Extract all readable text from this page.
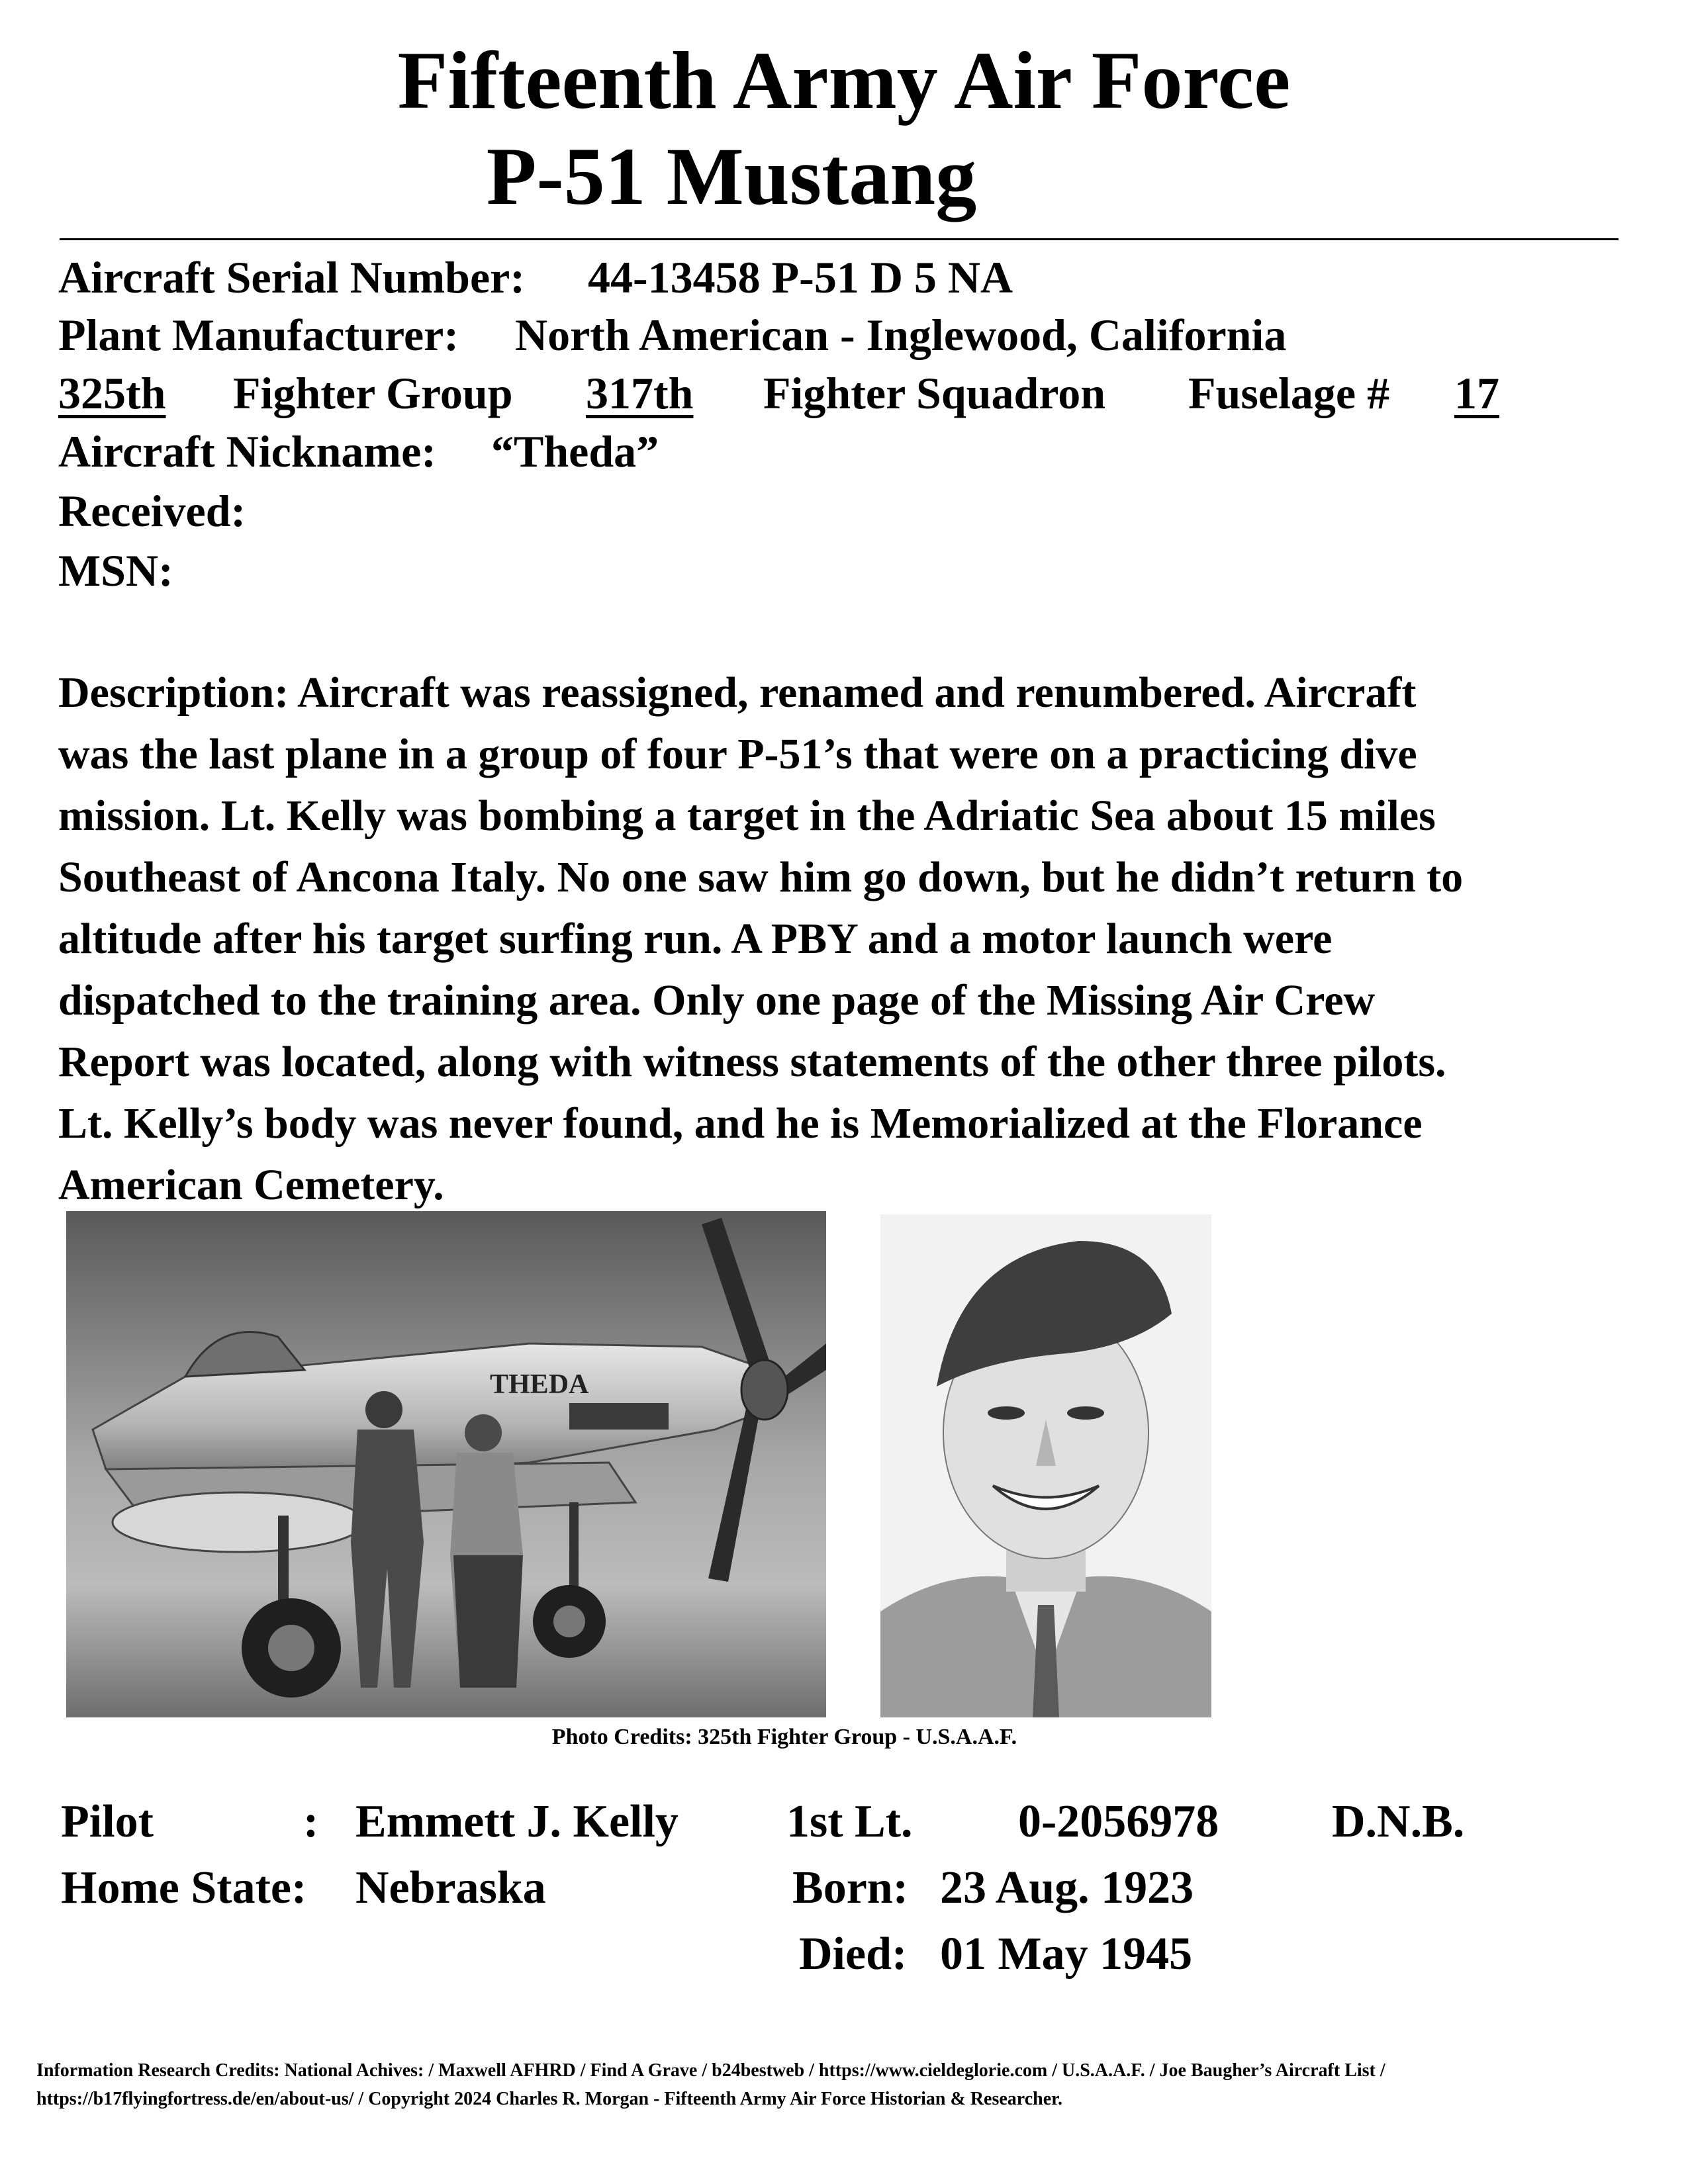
Fifteenth Army Air Force
P-51 Mustang
Aircraft Serial Number: 44-13458 P-51 D 5 NA
Plant Manufacturer: North American - Inglewood, California
325th	Fighter Group 317th	Fighter Squadron Fuselage #	17
Aircraft Nickname: “Theda”
Received:
MSN:
Description: Aircraft was reassigned, renamed and renumbered. Aircraft
was the last plane in a group of four P-51’s that were on a practicing dive
mission. Lt. Kelly was bombing a target in the Adriatic Sea about 15 miles
Southeast of Ancona Italy. No one saw him go down, but he didn’t return to
altitude after his target surfing run. A PBY and a motor launch were
dispatched to the training area. Only one page of the Missing Air Crew
Report was located, along with witness statements of the other three pilots.
Lt. Kelly’s body was never found, and he is Memorialized at the Florance
American Cemetery.
THEDA
Photo Credits: 325th Fighter Group - U.S.A.A.F.
Pilot	: Emmett J. Kelly 1st Lt. 0-2056978 D.N.B.
Home State: Nebraska	Born: 23 Aug. 1923
Died: 01 May 1945
Information Research Credits: National Achives: / Maxwell AFHRD / Find A Grave / b24bestweb / https://www.cieldeglorie.com / U.S.A.A.F. / Joe Baugher’s Aircraft List /
https://b17flyingfortress.de/en/about-us/ / Copyright 2024 Charles R. Morgan - Fifteenth Army Air Force Historian & Researcher.
